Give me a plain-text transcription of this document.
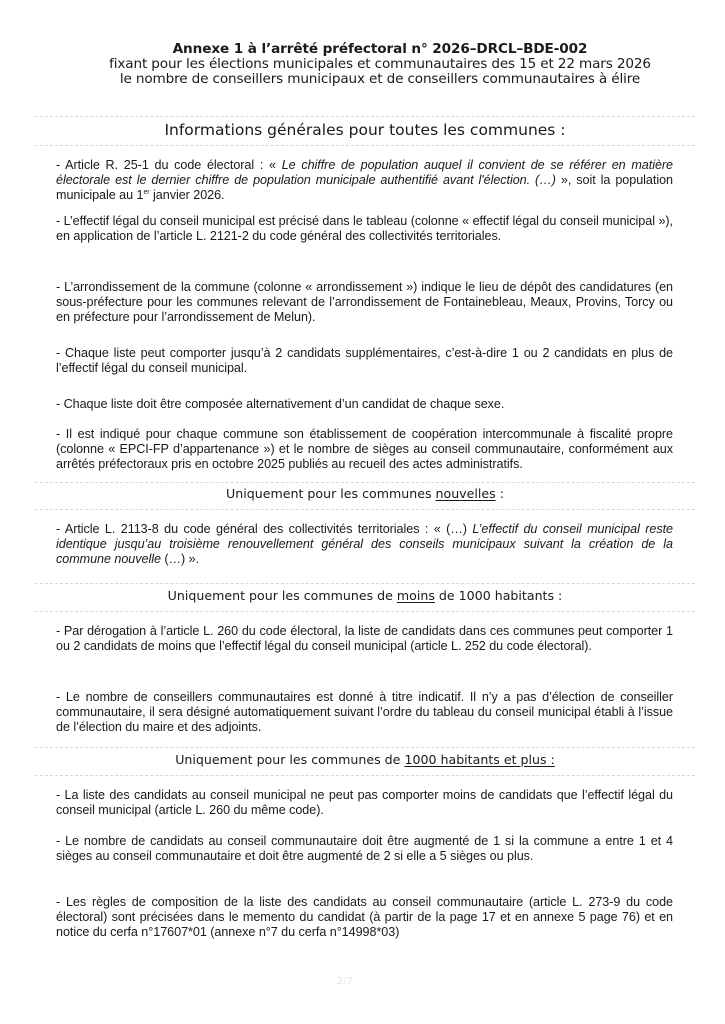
Annexe 1 à l’arrêté préfectoral n° 2026–DRCL–BDE-002
fixant pour les élections municipales et communautaires des 15 et 22 mars 2026
le nombre de conseillers municipaux et de conseillers communautaires à élire
Informations générales pour toutes les communes :
- Article R. 25-1 du code électoral : « Le chiffre de population auquel il convient de se référer en matière électorale est le dernier chiffre de population municipale authentifié avant l'élection. (…) », soit la population municipale au 1er janvier 2026.
- L’effectif légal du conseil municipal est précisé dans le tableau (colonne « effectif légal du conseil municipal »), en application de l’article L. 2121-2 du code général des collectivités territoriales.
- L’arrondissement de la commune (colonne « arrondissement ») indique le lieu de dépôt des candidatures (en sous-préfecture pour les communes relevant de l’arrondissement de Fontainebleau, Meaux, Provins, Torcy ou en préfecture pour l’arrondissement de Melun).
- Chaque liste peut comporter jusqu’à 2 candidats supplémentaires, c’est-à-dire 1 ou 2 candidats en plus de l’effectif légal du conseil municipal.
- Chaque liste doit être composée alternativement d’un candidat de chaque sexe.
- Il est indiqué pour chaque commune son établissement de coopération intercommunale à fiscalité propre (colonne « EPCI-FP d’appartenance ») et le nombre de sièges au conseil communautaire, conformément aux arrêtés préfectoraux pris en octobre 2025 publiés au recueil des actes administratifs.
Uniquement pour les communes nouvelles :
- Article L. 2113-8 du code général des collectivités territoriales : « (…) L’effectif du conseil municipal reste identique jusqu’au troisième renouvellement général des conseils municipaux suivant la création de la commune nouvelle (…) ».
Uniquement pour les communes de moins de 1000 habitants :
- Par dérogation à l’article L. 260 du code électoral, la liste de candidats dans ces communes peut comporter 1 ou 2 candidats de moins que l’effectif légal du conseil municipal (article L. 252 du code électoral).
- Le nombre de conseillers communautaires est donné à titre indicatif. Il n’y a pas d’élection de conseiller communautaire, il sera désigné automatiquement suivant l’ordre du tableau du conseil municipal établi à l’issue de l’élection du maire et des adjoints.
Uniquement pour les communes de 1000 habitants et plus :
- La liste des candidats au conseil municipal ne peut pas comporter moins de candidats que l’effectif légal du conseil municipal (article L. 260 du même code).
- Le nombre de candidats au conseil communautaire doit être augmenté de 1 si la commune a entre 1 et 4 sièges au conseil communautaire et doit être augmenté de 2 si elle a 5 sièges ou plus.
- Les règles de composition de la liste des candidats au conseil communautaire (article L. 273-9 du code électoral) sont précisées dans le memento du candidat (à partir de la page 17 et en annexe 5 page 76) et en notice du cerfa n°17607*01 (annexe n°7 du cerfa n°14998*03)
2/7
